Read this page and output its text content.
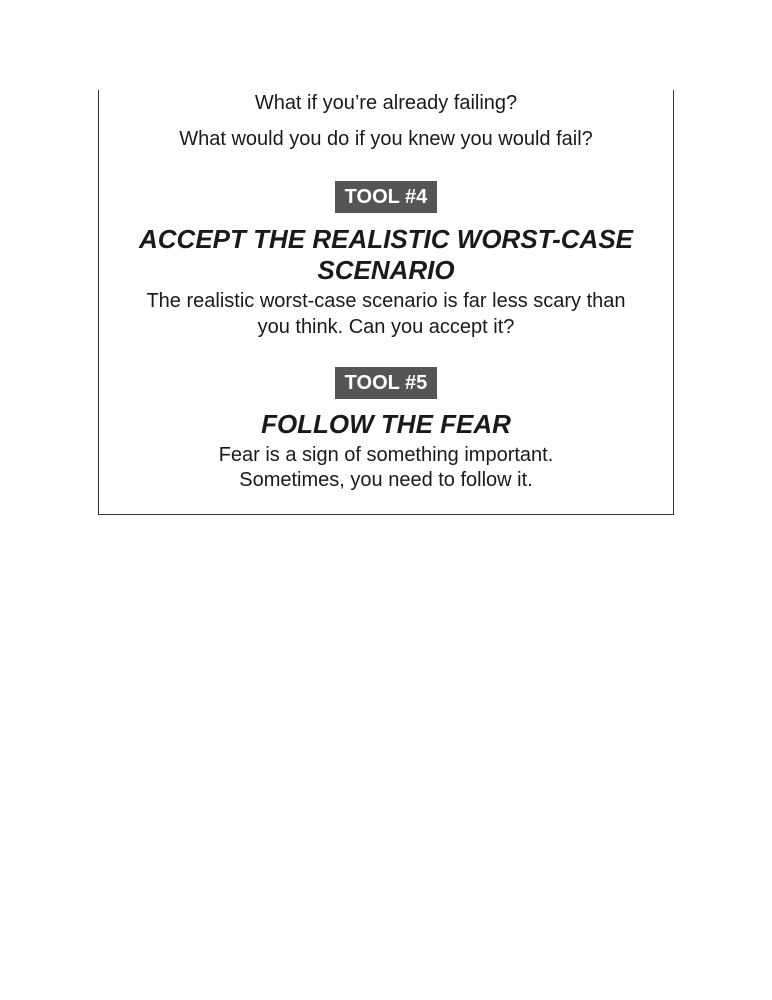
What if you’re already failing?

What would you do if you knew you would fail?

TOOL #4

ACCEPT THE REALISTIC WORST-CASE

SCENARIO

The realistic worst-case scenario is far less scary than

you think. Can you accept it?

TOOL #5

FOLLOW THE FEAR

Fear is a sign of something important.

Sometimes, you need to follow it.
